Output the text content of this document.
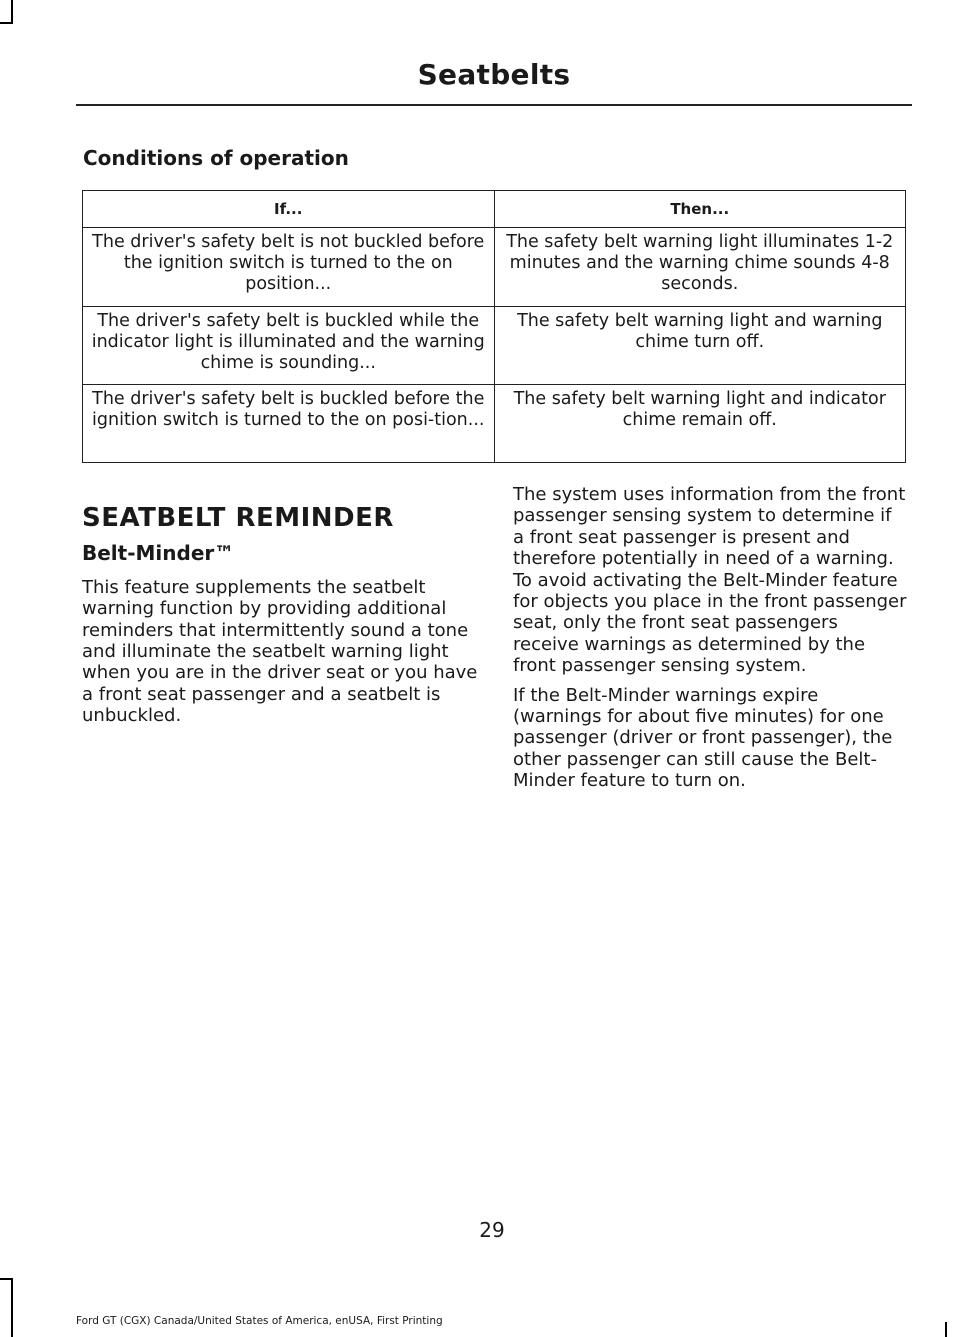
Seatbelts
Conditions of operation
If...	Then...
The driver's safety belt is not buckled before the ignition switch is turned to the on position...	The safety belt warning light illuminates 1-2 minutes and the warning chime sounds 4-8 seconds.
The driver's safety belt is buckled while the indicator light is illuminated and the warning chime is sounding...	The safety belt warning light and warning chime turn off.
The driver's safety belt is buckled before the ignition switch is turned to the on posi-tion...	The safety belt warning light and indicator chime remain off.
SEATBELT REMINDER
Belt-Minder™

This feature supplements the seatbelt warning function by providing additional reminders that intermittently sound a tone and illuminate the seatbelt warning light when you are in the driver seat or you have a front seat passenger and a seatbelt is unbuckled.

The system uses information from the front passenger sensing system to determine if a front seat passenger is present and therefore potentially in need of a warning. To avoid activating the Belt-Minder feature for objects you place in the front passenger seat, only the front seat passengers receive warnings as determined by the front passenger sensing system.

If the Belt-Minder warnings expire (warnings for about five minutes) for one passenger (driver or front passenger), the other passenger can still cause the Belt-Minder feature to turn on.

29
Ford GT (CGX) Canada/United States of America, enUSA, First Printing
